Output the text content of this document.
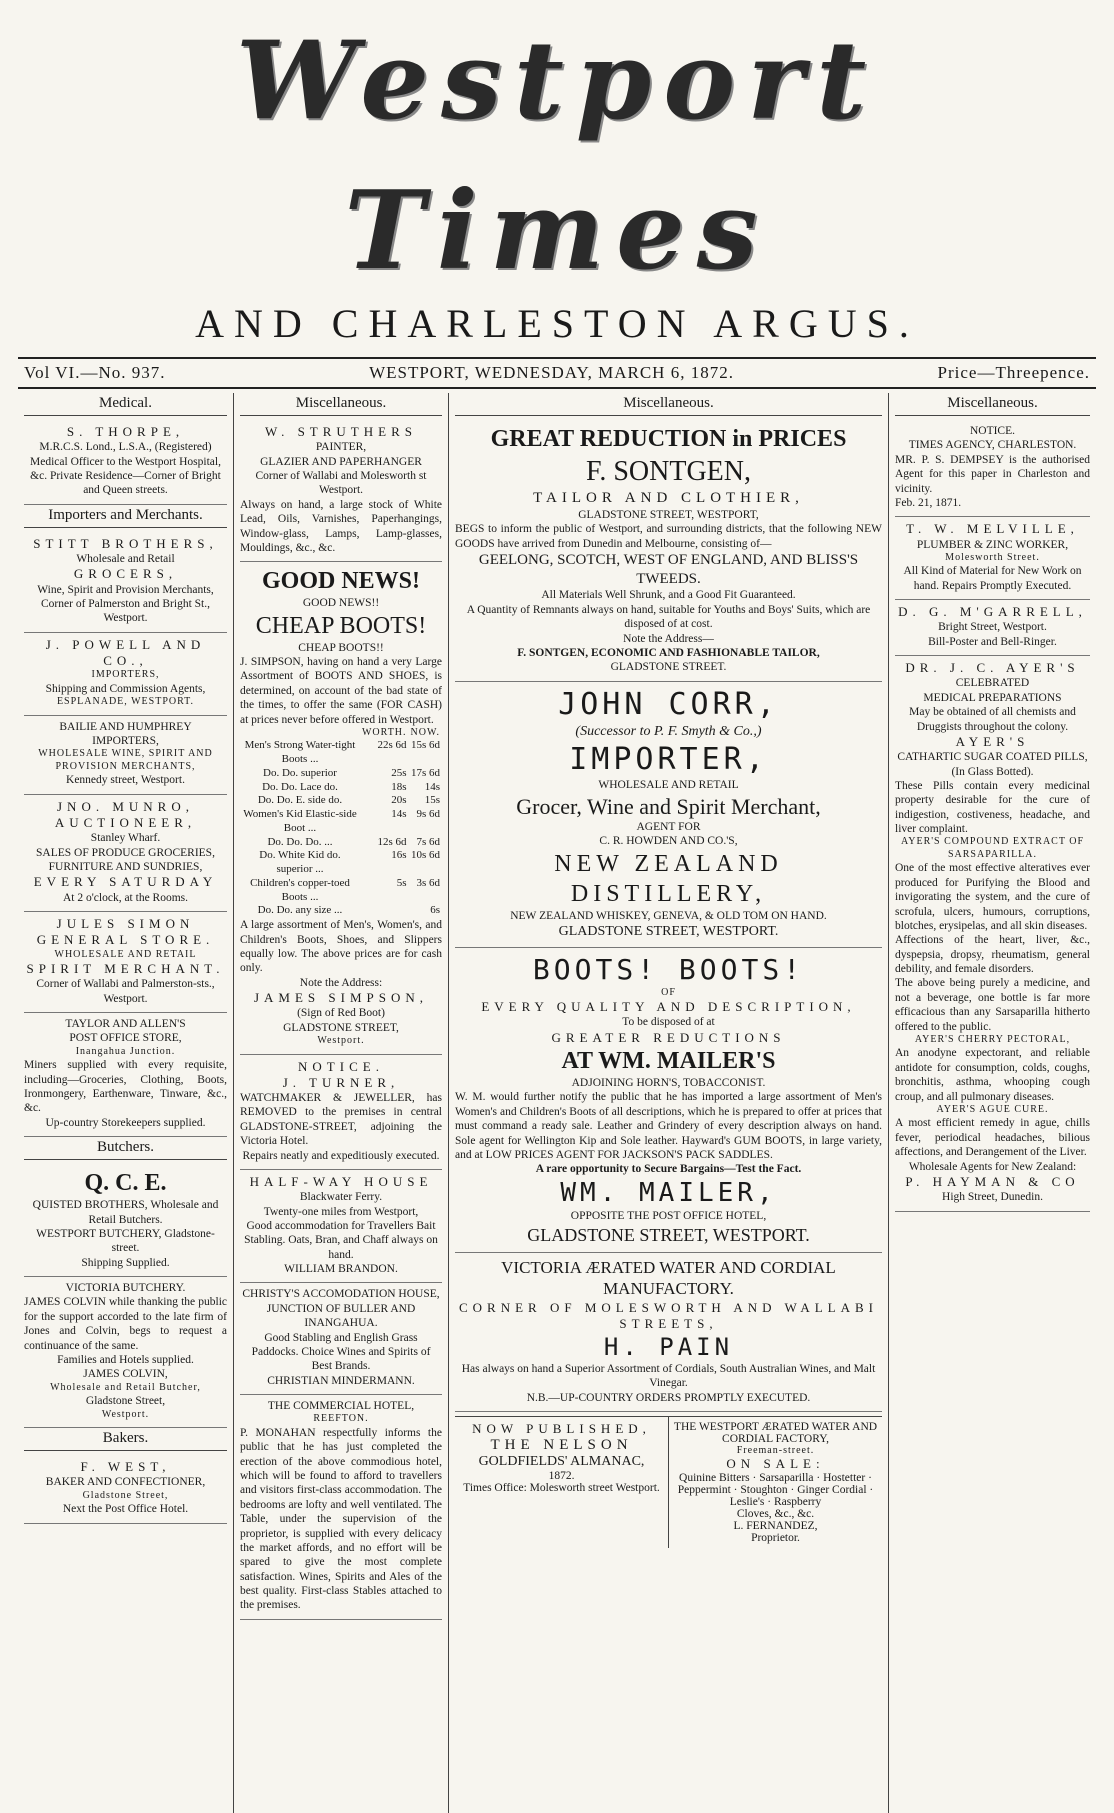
Westport Times
AND CHARLESTON ARGUS.
Vol VI.—No. 937.	WESTPORT, WEDNESDAY, MARCH 6, 1872.	Price—Threepence.
Medical.
S. THORPE,
M.R.C.S. Lond., L.S.A., (Registered) Medical Officer to the Westport Hospital, &c. Private Residence—Corner of Bright and Queen streets.
Importers and Merchants.
STITT BROTHERS,
Wholesale and Retail
GROCERS,
Wine, Spirit and Provision Merchants, Corner of Palmerston and Bright St., Westport.
J. POWELL AND CO.,
IMPORTERS,
Shipping and Commission Agents,
ESPLANADE, WESTPORT.
BAILIE AND HUMPHREY
IMPORTERS,
WHOLESALE WINE, SPIRIT AND PROVISION MERCHANTS,
Kennedy street, Westport.
JNO. MUNRO,
AUCTIONEER,
Stanley Wharf.
SALES OF PRODUCE GROCERIES, FURNITURE AND SUNDRIES,
EVERY SATURDAY
At 2 o'clock, at the Rooms.
JULES SIMON
GENERAL STORE.
WHOLESALE AND RETAIL
SPIRIT MERCHANT.
Corner of Wallabi and Palmerston-sts., Westport.
TAYLOR AND ALLEN'S
POST OFFICE STORE,
Inangahua Junction.
Miners supplied with every requisite, including—Groceries, Clothing, Boots, Ironmongery, Earthenware, Tinware, &c., &c.
Up-country Storekeepers supplied.
Butchers.
Q. C. E.
QUISTED BROTHERS, Wholesale and Retail Butchers.
WESTPORT BUTCHERY, Gladstone-street.
Shipping Supplied.
VICTORIA BUTCHERY.
JAMES COLVIN while thanking the public for the support accorded to the late firm of Jones and Colvin, begs to request a continuance of the same.
Families and Hotels supplied.
JAMES COLVIN,
Wholesale and Retail Butcher,
Gladstone Street,
Westport.
Bakers.
F. WEST,
BAKER AND CONFECTIONER,
Gladstone Street,
Next the Post Office Hotel.
Miscellaneous.
W. STRUTHERS
PAINTER,
GLAZIER AND PAPERHANGER
Corner of Wallabi and Molesworth st Westport.
Always on hand, a large stock of White Lead, Oils, Varnishes, Paperhangings, Window-glass, Lamps, Lamp-glasses, Mouldings, &c., &c.
GOOD NEWS!
GOOD NEWS!!
CHEAP BOOTS!
CHEAP BOOTS!!
J. SIMPSON, having on hand a very Large Assortment of BOOTS AND SHOES, is determined, on account of the bad state of the times, to offer the same (FOR CASH) at prices never before offered in Westport.
	WORTH.	NOW.
Men's Strong Water-tight Boots ...	22s 6d	15s 6d
Do. Do. superior	25s	17s 6d
Do. Do. Lace do.	18s	14s
Do. Do. E. side do.	20s	15s
Women's Kid Elastic-side Boot ...	14s	9s 6d
Do. Do. Do. ...	12s 6d	7s 6d
Do. White Kid do. superior ...	16s	10s 6d
Children's copper-toed Boots ...	5s	3s 6d
Do. Do. any size ...		6s
A large assortment of Men's, Women's, and Children's Boots, Shoes, and Slippers equally low. The above prices are for cash only.
Note the Address:
JAMES SIMPSON,
(Sign of Red Boot)
GLADSTONE STREET,
Westport.
NOTICE.
J. TURNER,
WATCHMAKER & JEWELLER, has REMOVED to the premises in central GLADSTONE-STREET, adjoining the Victoria Hotel.
Repairs neatly and expeditiously executed.
HALF-WAY HOUSE
Blackwater Ferry.
Twenty-one miles from Westport,
Good accommodation for Travellers Bait Stabling. Oats, Bran, and Chaff always on hand.
WILLIAM BRANDON.
CHRISTY'S ACCOMODATION HOUSE, JUNCTION OF BULLER AND INANGAHUA.
Good Stabling and English Grass Paddocks. Choice Wines and Spirits of Best Brands.
CHRISTIAN MINDERMANN.
THE COMMERCIAL HOTEL,
REEFTON.
P. MONAHAN respectfully informs the public that he has just completed the erection of the above commodious hotel, which will be found to afford to travellers and visitors first-class accommodation. The bedrooms are lofty and well ventilated. The Table, under the supervision of the proprietor, is supplied with every delicacy the market affords, and no effort will be spared to give the most complete satisfaction. Wines, Spirits and Ales of the best quality. First-class Stables attached to the premises.
Miscellaneous.
GREAT REDUCTION in PRICES
F. SONTGEN,
TAILOR AND CLOTHIER,
GLADSTONE STREET, WESTPORT,
BEGS to inform the public of Westport, and surrounding districts, that the following NEW GOODS have arrived from Dunedin and Melbourne, consisting of—
GEELONG, SCOTCH, WEST OF ENGLAND, AND BLISS'S TWEEDS.
All Materials Well Shrunk, and a Good Fit Guaranteed.
A Quantity of Remnants always on hand, suitable for Youths and Boys' Suits, which are disposed of at cost.
Note the Address—
F. SONTGEN, ECONOMIC AND FASHIONABLE TAILOR,
GLADSTONE STREET.
JOHN CORR,
(Successor to P. F. Smyth & Co.,)
IMPORTER,
WHOLESALE AND RETAIL
Grocer, Wine and Spirit Merchant,
AGENT FOR
C. R. HOWDEN AND CO.'S,
NEW ZEALAND DISTILLERY,
NEW ZEALAND WHISKEY, GENEVA, & OLD TOM ON HAND.
GLADSTONE STREET, WESTPORT.
BOOTS! BOOTS!
OF
EVERY QUALITY AND DESCRIPTION,
To be disposed of at
GREATER REDUCTIONS
AT WM. MAILER'S
ADJOINING HORN'S, TOBACCONIST.
W. M. would further notify the public that he has imported a large assortment of Men's Women's and Children's Boots of all descriptions, which he is prepared to offer at prices that must command a ready sale. Leather and Grindery of every description always on hand. Sole agent for Wellington Kip and Sole leather. Hayward's GUM BOOTS, in large variety, and at LOW PRICES AGENT FOR JACKSON'S PACK SADDLES.
A rare opportunity to Secure Bargains—Test the Fact.
WM. MAILER,
OPPOSITE THE POST OFFICE HOTEL,
GLADSTONE STREET, WESTPORT.
VICTORIA ÆRATED WATER AND CORDIAL MANUFACTORY.
CORNER OF MOLESWORTH AND WALLABI STREETS,
H. PAIN
Has always on hand a Superior Assortment of Cordials, South Australian Wines, and Malt Vinegar.
N.B.—UP-COUNTRY ORDERS PROMPTLY EXECUTED.
NOW PUBLISHED,
THE NELSON
GOLDFIELDS' ALMANAC,
1872.
Times Office: Molesworth street Westport.
THE WESTPORT ÆRATED WATER AND CORDIAL FACTORY,
Freeman-street.
ON SALE:
Quinine Bitters · Sarsaparilla · Hostetter · Peppermint · Stoughton · Ginger Cordial · Leslie's · Raspberry
Cloves, &c., &c.
L. FERNANDEZ,
Proprietor.
Miscellaneous.
NOTICE.
TIMES AGENCY, CHARLESTON.
MR. P. S. DEMPSEY is the authorised Agent for this paper in Charleston and vicinity.
Feb. 21, 1871.
T. W. MELVILLE,
PLUMBER & ZINC WORKER,
Molesworth Street.
All Kind of Material for New Work on hand. Repairs Promptly Executed.
D. G. M'GARRELL,
Bright Street, Westport.
Bill-Poster and Bell-Ringer.
DR. J. C. AYER'S
CELEBRATED
MEDICAL PREPARATIONS
May be obtained of all chemists and Druggists throughout the colony.
AYER'S
CATHARTIC SUGAR COATED PILLS,
(In Glass Botted).
These Pills contain every medicinal property desirable for the cure of indigestion, costiveness, headache, and liver complaint.
AYER'S COMPOUND EXTRACT OF SARSAPARILLA.
One of the most effective alteratives ever produced for Purifying the Blood and invigorating the system, and the cure of scrofula, ulcers, humours, corruptions, blotches, erysipelas, and all skin diseases.
Affections of the heart, liver, &c., dyspepsia, dropsy, rheumatism, general debility, and female disorders.
The above being purely a medicine, and not a beverage, one bottle is far more efficacious than any Sarsaparilla hitherto offered to the public.
AYER'S CHERRY PECTORAL,
An anodyne expectorant, and reliable antidote for consumption, colds, coughs, bronchitis, asthma, whooping cough croup, and all pulmonary diseases.
AYER'S AGUE CURE.
A most efficient remedy in ague, chills fever, periodical headaches, bilious affections, and Derangement of the Liver.
Wholesale Agents for New Zealand:
P. HAYMAN & CO
High Street, Dunedin.
